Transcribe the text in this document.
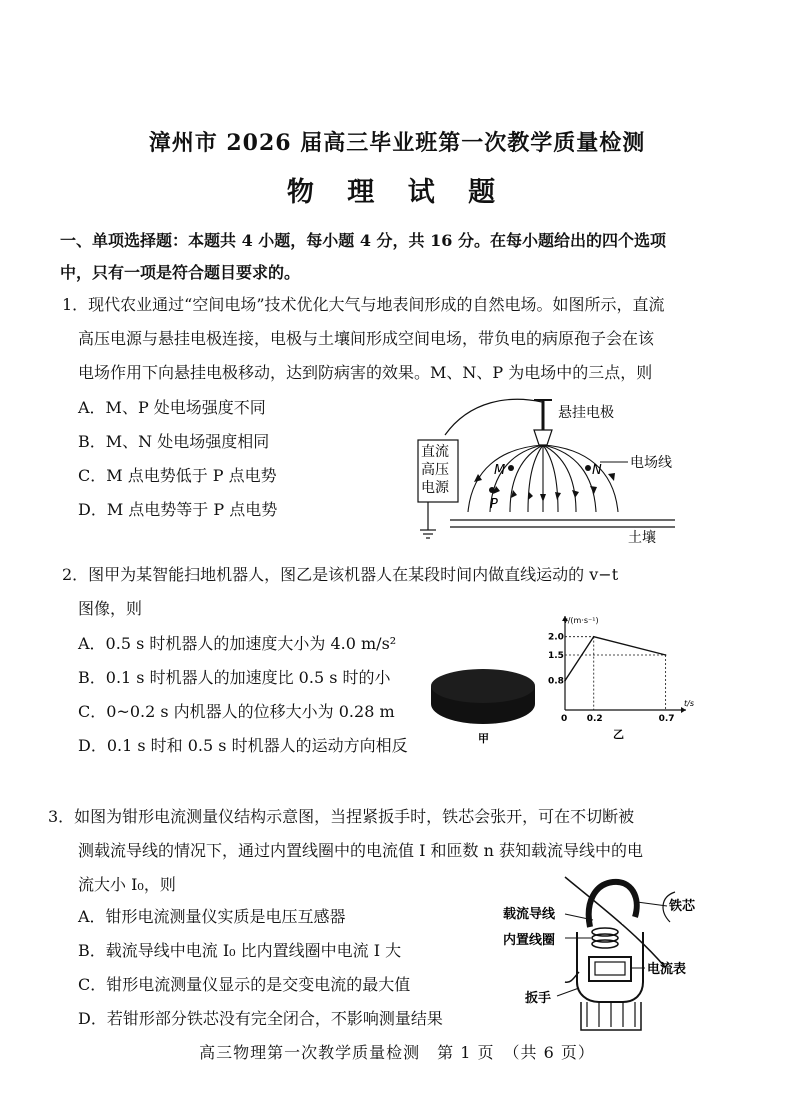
漳州市 2026 届高三毕业班第一次教学质量检测
物 理 试 题
一、单项选择题：本题共 4 小题，每小题 4 分，共 16 分。在每小题给出的四个选项
中，只有一项是符合题目要求的。
1．现代农业通过“空间电场”技术优化大气与地表间形成的自然电场。如图所示，直流
高压电源与悬挂电极连接，电极与土壤间形成空间电场，带负电的病原孢子会在该
电场作用下向悬挂电极移动，达到防病害的效果。M、N、P 为电场中的三点，则
A．M、P 处电场强度不同
B．M、N 处电场强度相同
C．M 点电势低于 P 点电势
D．M 点电势等于 P 点电势
悬挂电极
直流
高压
电源
土壤
M	N
P
电场线
2．图甲为某智能扫地机器人，图乙是该机器人在某段时间内做直线运动的 v−t
图像，则
A．0.5 s 时机器人的加速度大小为 4.0 m/s²
B．0.1 s 时机器人的加速度比 0.5 s 时的小
C．0~0.2 s 内机器人的位移大小为 0.28 m
D．0.1 s 时和 0.5 s 时机器人的运动方向相反	甲
v/(m·s⁻¹)
t/s
0 0.2	0.7
0.8
1.5
2.0
乙
3．如图为钳形电流测量仪结构示意图，当捏紧扳手时，铁芯会张开，可在不切断被
测载流导线的情况下，通过内置线圈中的电流值 I 和匝数 n 获知载流导线中的电
流大小 I₀，则
A．钳形电流测量仪实质是电压互感器
B．载流导线中电流 I₀ 比内置线圈中电流 I 大
C．钳形电流测量仪显示的是交变电流的最大值
D．若钳形部分铁芯没有完全闭合，不影响测量结果
载流导线
铁芯
内置线圈
电流表
扳手
高三物理第一次教学质量检测　第 1 页　（共 6 页）
